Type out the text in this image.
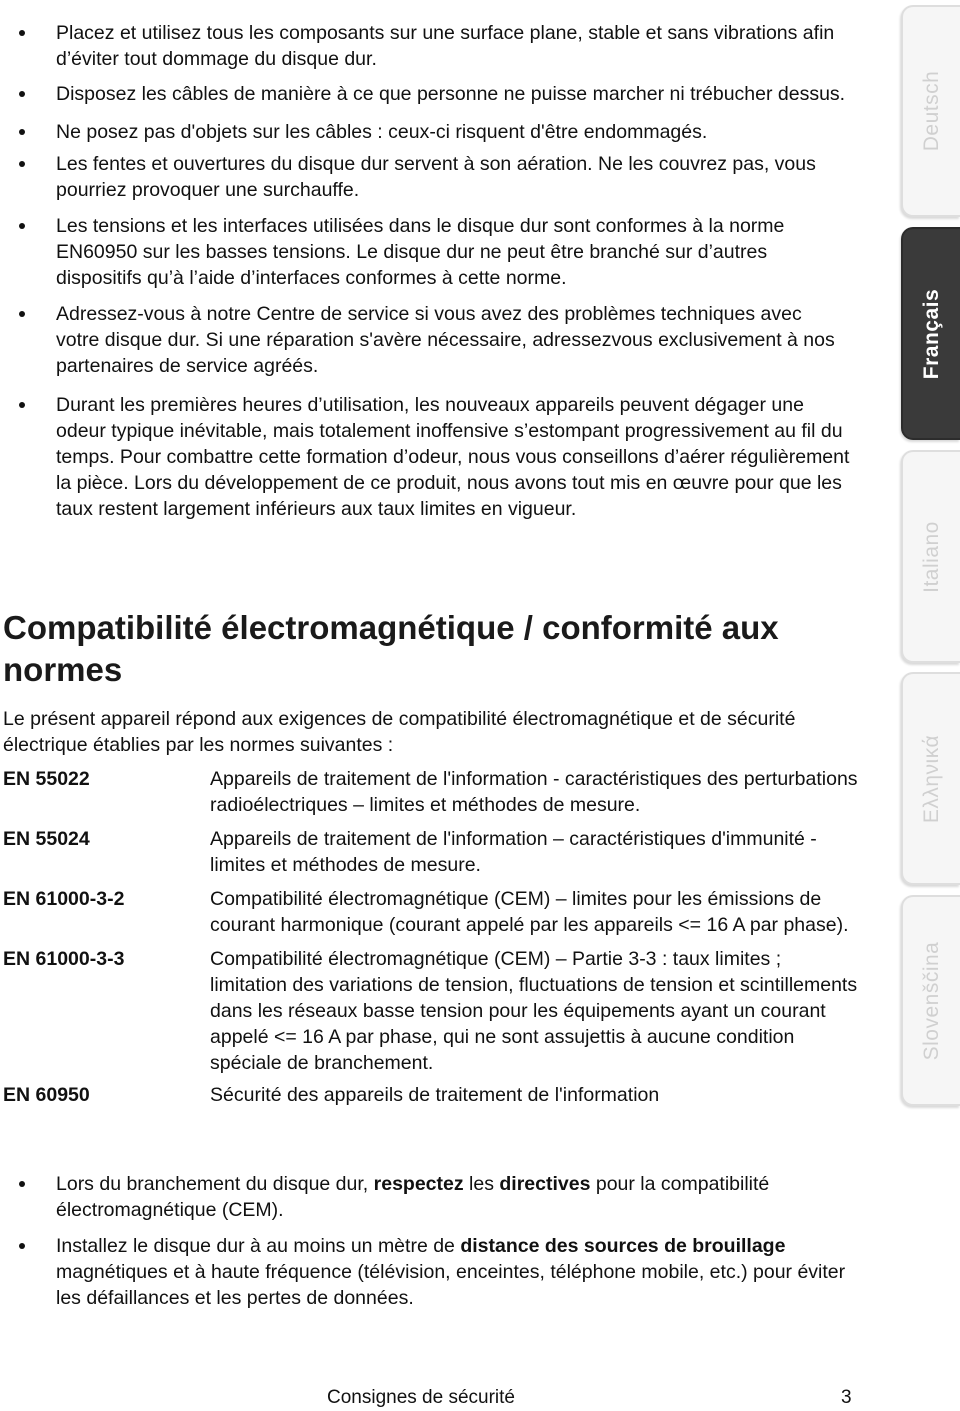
Placez et utilisez tous les composants sur une surface plane, stable et sans vibrations afin d’éviter tout dommage du disque dur.
Disposez les câbles de manière à ce que personne ne puisse marcher ni trébucher dessus.
Ne posez pas d'objets sur les câbles : ceux-ci risquent d'être endommagés.
Les fentes et ouvertures du disque dur servent à son aération. Ne les couvrez pas, vous pourriez provoquer une surchauffe.
Les tensions et les interfaces utilisées dans le disque dur sont conformes à la norme EN60950 sur les basses tensions. Le disque dur ne peut être branché sur d’autres dispositifs qu’à l’aide d’interfaces conformes à cette norme.
Adressez-vous à notre Centre de service si vous avez des problèmes techniques avec votre disque dur. Si une réparation s'avère nécessaire, adressezvous exclusivement à nos partenaires de service agréés.
Durant les premières heures d’utilisation, les nouveaux appareils peuvent dégager une odeur typique inévitable, mais totalement inoffensive s’estompant progressivement au fil du temps. Pour combattre cette formation d’odeur, nous vous conseillons d’aérer régulièrement la pièce. Lors du développement de ce produit, nous avons tout mis en œuvre pour que les taux restent largement inférieurs aux taux limites en vigueur.
Compatibilité électromagnétique / conformité aux normes

Le présent appareil répond aux exigences de compatibilité électromagnétique et de sécurité électrique établies par les normes suivantes :

EN 55022	Appareils de traitement de l'information - caractéristiques des perturbations radioélectriques – limites et méthodes de mesure.
EN 55024	Appareils de traitement de l'information – caractéristiques d'immunité - limites et méthodes de mesure.
EN 61000-3-2	Compatibilité électromagnétique (CEM) – limites pour les émissions de courant harmonique (courant appelé par les appareils <= 16 A par phase).
EN 61000-3-3	Compatibilité électromagnétique (CEM) – Partie 3-3 : taux limites ; limitation des variations de tension, fluctuations de tension et scintillements dans les réseaux basse tension pour les équipements ayant un courant appelé <= 16 A par phase, qui ne sont assujettis à aucune condition spéciale de branchement.
EN 60950	Sécurité des appareils de traitement de l'information
Lors du branchement du disque dur, respectez les directives pour la compatibilité électromagnétique (CEM).
Installez le disque dur à au moins un mètre de distance des sources de brouillage magnétiques et à haute fréquence (télévision, enceintes, téléphone mobile, etc.) pour éviter les défaillances et les pertes de données.
Consignes de sécurité	3
Deutsch
Français
Italiano
Ελληνικά
Slovenščina
